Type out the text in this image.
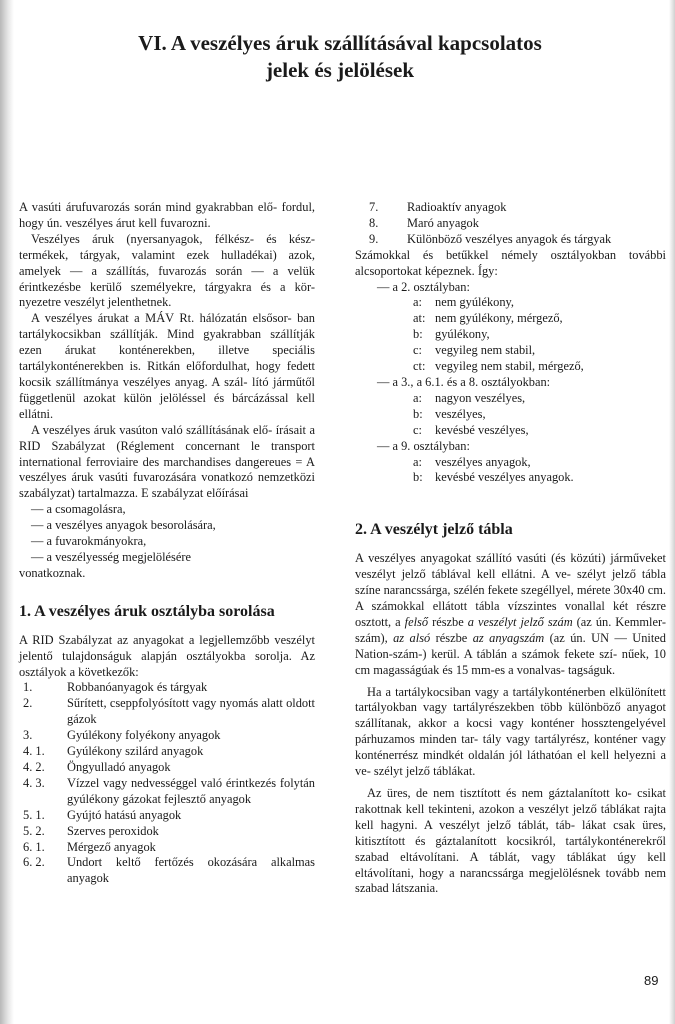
VI. A veszélyes áruk szállításával kapcsolatos
jelek és jelölések

A vasúti árufuvarozás során mind gyakrabban elő- fordul, hogy ún. veszélyes árut kell fuvarozni.

Veszélyes áruk (nyersanyagok, félkész- és kész- termékek, tárgyak, valamint ezek hulladékai) azok, amelyek — a szállítás, fuvarozás során — a velük érintkezésbe kerülő személyekre, tárgyakra és a kör- nyezetre veszélyt jelenthetnek.

A veszélyes árukat a MÁV Rt. hálózatán elsősor- ban tartálykocsikban szállítják. Mind gyakrabban szállítják ezen árukat konténerekben, illetve speciális tartálykonténerekben is. Ritkán előfordulhat, hogy fedett kocsik szállítmánya veszélyes anyag. A szál- lító járműtől függetlenül azokat külön jelöléssel és bárcázással kell ellátni.

A veszélyes áruk vasúton való szállításának elő- írásait a RID Szabályzat (Réglement concernant le transport international ferroviaire des marchandises dangereues = A veszélyes áruk vasúti fuvarozására vonatkozó nemzetközi szabályzat) tartalmazza. E szabályzat előírásai

— a csomagolásra,
— a veszélyes anyagok besorolására,
— a fuvarokmányokra,
— a veszélyesség megjelölésére

vonatkoznak.

1. A veszélyes áruk osztályba sorolása

A RID Szabályzat az anyagokat a legjellemzőbb veszélyt jelentő tulajdonságuk alapján osztályokba sorolja. Az osztályok a következők:

1.	Robbanóanyagok és tárgyak
2.	Sűrített, cseppfolyósított vagy nyomás alatt oldott gázok
3.	Gyúlékony folyékony anyagok
4. 1.	Gyúlékony szilárd anyagok
4. 2.	Öngyulladó anyagok
4. 3.	Vízzel vagy nedvességgel való érintkezés folytán gyúlékony gázokat fejlesztő anyagok
5. 1.	Gyújtó hatású anyagok
5. 2.	Szerves peroxidok
6. 1.	Mérgező anyagok
6. 2.	Undort keltő fertőzés okozására alkalmas anyagok
7.	Radioaktív anyagok
8.	Maró anyagok
9.	Különböző veszélyes anyagok és tárgyak

Számokkal és betűkkel némely osztályokban további alcsoportokat képeznek. Így:

— a 2. osztályban:
a:	nem gyúlékony,
at: nem gyúlékony, mérgező,
b: gyúlékony,
c:	vegyileg nem stabil,
ct: vegyileg nem stabil, mérgező,
— a 3., a 6.1. és a 8. osztályokban:
a:	nagyon veszélyes,
b: veszélyes,
c:	kevésbé veszélyes,
— a 9. osztályban:
a:	veszélyes anyagok,
b: kevésbé veszélyes anyagok.
2. A veszélyt jelző tábla

A veszélyes anyagokat szállító vasúti (és közúti) járműveket veszélyt jelző táblával kell ellátni. A ve- szélyt jelző tábla színe narancssárga, szélén fekete szegéllyel, mérete 30x40 cm. A számokkal ellátott tábla vízszintes vonallal két részre osztott, a felső részbe a veszélyt jelző szám (az ún. Kemmler-szám), az alsó részbe az anyagszám (az ún. UN — United Nation-szám-) kerül. A táblán a számok fekete szí- nűek, 10 cm magasságúak és 15 mm-es a vonalvas- tagságuk.

Ha a tartálykocsiban vagy a tartálykonténerben elkülönített tartályokban vagy tartályrészekben több különböző anyagot szállítanak, akkor a kocsi vagy konténer hossztengelyével párhuzamos minden tar- tály vagy tartályrész, konténer vagy konténerrész mindkét oldalán jól láthatóan el kell helyezni a ve- szélyt jelző táblákat.

Az üres, de nem tisztított és nem gáztalanított ko- csikat rakottnak kell tekinteni, azokon a veszélyt jelző táblákat rajta kell hagyni. A veszélyt jelző táblát, táb- lákat csak üres, kitisztított és gáztalanított kocsikról, tartálykonténerekről szabad eltávolítani. A táblát, vagy táblákat úgy kell eltávolítani, hogy a narancssárga megjelölésnek tovább nem szabad látszania.

89
